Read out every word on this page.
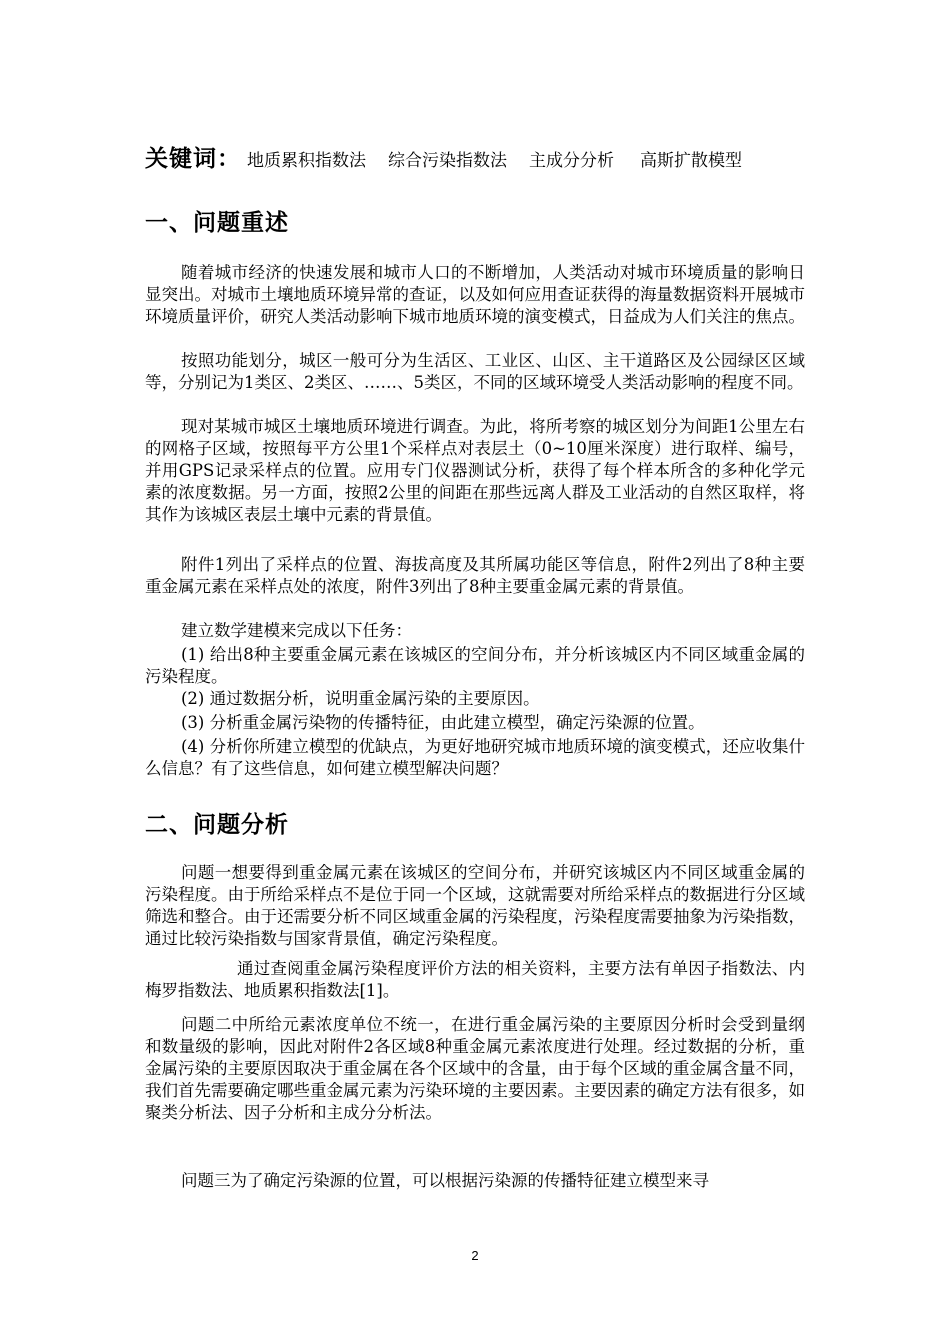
关键词： 地质累积指数法 综合污染指数法 主成分分析 高斯扩散模型
一、问题重述

随着城市经济的快速发展和城市人口的不断增加，人类活动对城市环境质量的影响日显突出。对城市土壤地质环境异常的查证，以及如何应用查证获得的海量数据资料开展城市环境质量评价，研究人类活动影响下城市地质环境的演变模式，日益成为人们关注的焦点。

按照功能划分，城区一般可分为生活区、工业区、山区、主干道路区及公园绿区区域等，分别记为1类区、2类区、……、5类区，不同的区域环境受人类活动影响的程度不同。

现对某城市城区土壤地质环境进行调查。为此，将所考察的城区划分为间距1公里左右的网格子区域，按照每平方公里1个采样点对表层土（0~10厘米深度）进行取样、编号，并用GPS记录采样点的位置。应用专门仪器测试分析，获得了每个样本所含的多种化学元素的浓度数据。另一方面，按照2公里的间距在那些远离人群及工业活动的自然区取样，将其作为该城区表层土壤中元素的背景值。

附件1列出了采样点的位置、海拔高度及其所属功能区等信息，附件2列出了8种主要重金属元素在采样点处的浓度，附件3列出了8种主要重金属元素的背景值。

建立数学建模来完成以下任务：

(1) 给出8种主要重金属元素在该城区的空间分布，并分析该城区内不同区域重金属的污染程度。

(2) 通过数据分析，说明重金属污染的主要原因。

(3) 分析重金属污染物的传播特征，由此建立模型，确定污染源的位置。

(4) 分析你所建立模型的优缺点，为更好地研究城市地质环境的演变模式，还应收集什么信息？有了这些信息，如何建立模型解决问题？

二、问题分析

问题一想要得到重金属元素在该城区的空间分布，并研究该城区内不同区域重金属的污染程度。由于所给采样点不是位于同一个区域，这就需要对所给采样点的数据进行分区域筛选和整合。由于还需要分析不同区域重金属的污染程度，污染程度需要抽象为污染指数，通过比较污染指数与国家背景值，确定污染程度。

通过查阅重金属污染程度评价方法的相关资料，主要方法有单因子指数法、内梅罗指数法、地质累积指数法[1]。

问题二中所给元素浓度单位不统一，在进行重金属污染的主要原因分析时会受到量纲和数量级的影响，因此对附件2各区域8种重金属元素浓度进行处理。经过数据的分析，重金属污染的主要原因取决于重金属在各个区域中的含量，由于每个区域的重金属含量不同，我们首先需要确定哪些重金属元素为污染环境的主要因素。主要因素的确定方法有很多，如聚类分析法、因子分析和主成分分析法。

问题三为了确定污染源的位置，可以根据污染源的传播特征建立模型来寻

2
